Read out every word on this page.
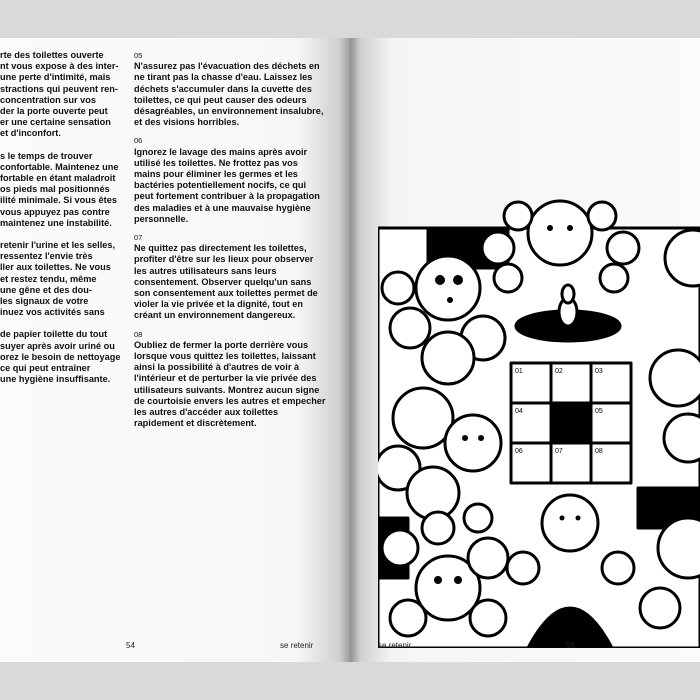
rte des toilettes ouverte

nt vous expose à des inter-

une perte d'intimité, mais

stractions qui peuvent ren-

concentration sur vos

der la porte ouverte peut

er une certaine sensation

et d'inconfort.

s le temps de trouver

confortable. Maintenez une

fortable en étant maladroit

os pieds mal positionnés

ilité minimale. Si vous êtes

vous appuyez pas contre

maintenez une instabilité.

retenir l'urine et les selles,

ressentez l'envie très

ller aux toilettes. Ne vous

et restez tendu, même

une gêne et des dou-

les signaux de votre

inuez vos activités sans

de papier toilette du tout

suyer après avoir uriné ou

orez le besoin de nettoyage

ce qui peut entraîner

une hygiène insuffisante.

05

N'assurez pas l'évacuation des déchets en ne tirant pas la chasse d'eau. Laissez les déchets s'accumuler dans la cuvette des toilettes, ce qui peut causer des odeurs désagréables, un environnement insalubre, et des visions horribles.

06

Ignorez le lavage des mains après avoir utilisé les toilettes. Ne frottez pas vos mains pour éliminer les germes et les bactéries potentiellement nocifs, ce qui peut fortement contribuer à la propagation des maladies et à une mauvaise hygiène personnelle.

07

Ne quittez pas directement les toilettes, profiter d'être sur les lieux pour observer les autres utilisateurs sans leurs consentement. Observer quelqu'un sans son consentement aux toilettes permet de violer la vie privée et la dignité, tout en créant un environnement dangereux.

08

Oubliez de fermer la porte derrière vous lorsque vous quittez les toilettes, laissant ainsi la possibilité à d'autres de voir à l'intérieur et de perturber la vie privée des utilisateurs suivants. Montrez aucun signe de courtoisie envers les autres et empecher les autres d'accéder aux toilettes rapidement et discrètement.

54	se retenir
01	02	03
04	05
06	07	08
se retenir	55
